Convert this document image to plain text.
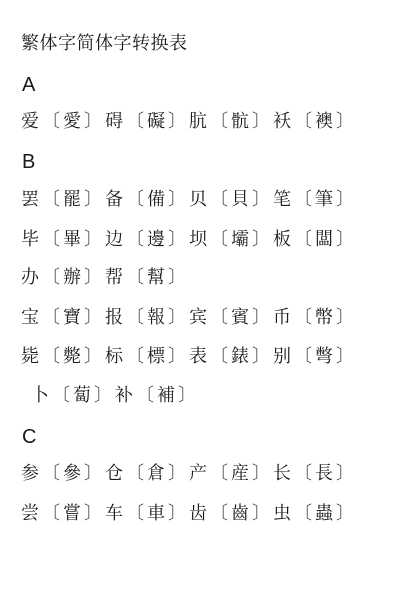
繁体字简体字转换表
A
爱〔愛〕碍〔礙〕肮〔骯〕袄〔襖〕
B
罢〔罷〕备〔備〕贝〔貝〕笔〔筆〕
毕〔畢〕边〔邊〕坝〔壩〕板〔闆〕
办〔辦〕帮〔幫〕
宝〔寶〕报〔報〕宾〔賓〕币〔幣〕
毙〔斃〕标〔標〕表〔錶〕别〔彆〕
卜〔蔔〕补〔補〕
C
参〔參〕仓〔倉〕产〔産〕长〔長〕
尝〔嘗〕车〔車〕齿〔齒〕虫〔蟲〕
